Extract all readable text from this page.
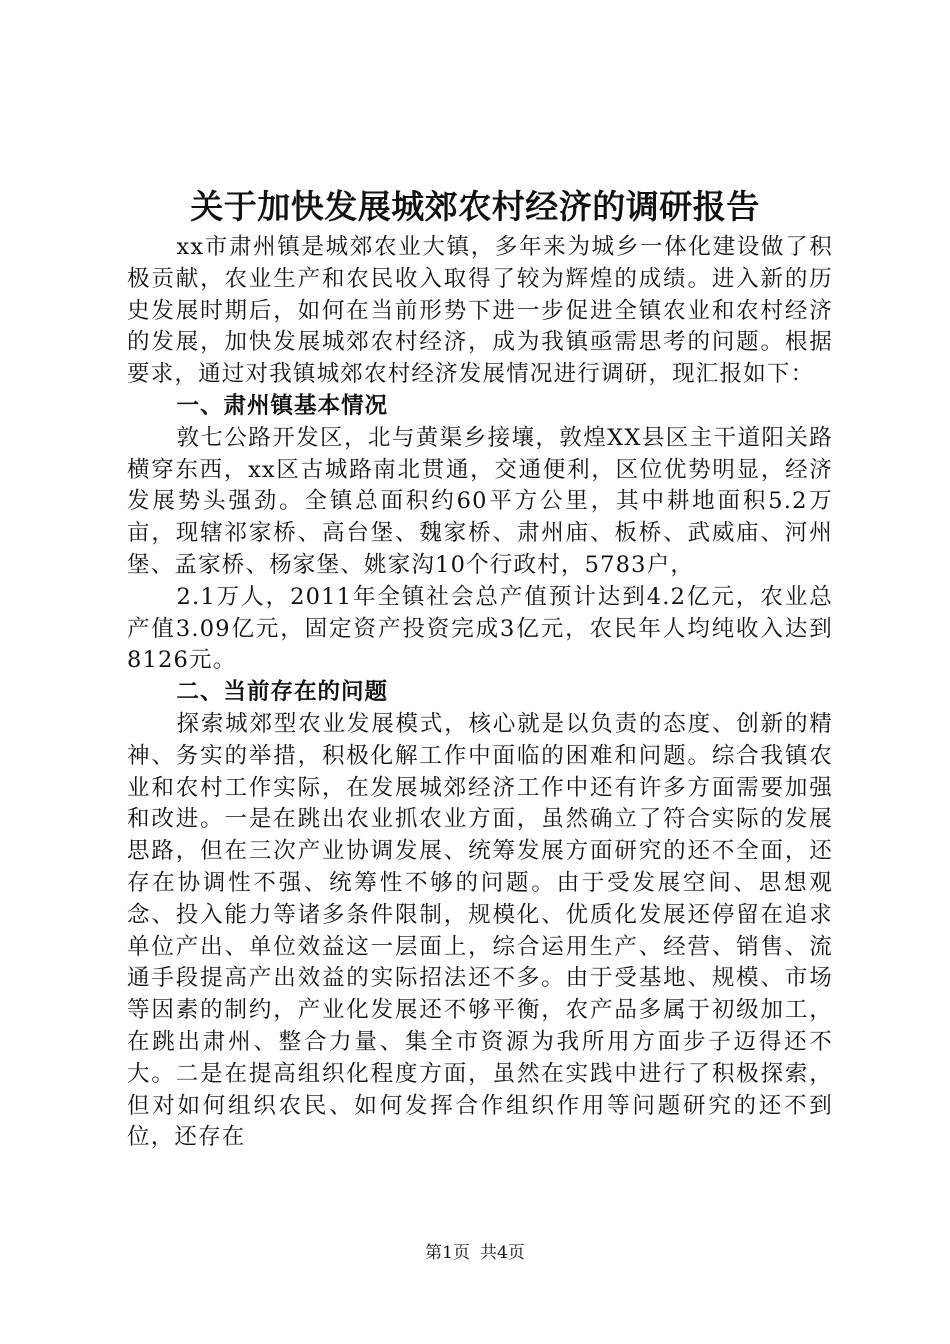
关于加快发展城郊农村经济的调研报告

xx市肃州镇是城郊农业大镇，多年来为城乡一体化建设做了积极贡献，农业生产和农民收入取得了较为辉煌的成绩。进入新的历史发展时期后，如何在当前形势下进一步促进全镇农业和农村经济的发展，加快发展城郊农村经济，成为我镇亟需思考的问题。根据要求，通过对我镇城郊农村经济发展情况进行调研，现汇报如下：

一、肃州镇基本情况

敦七公路开发区，北与黄渠乡接壤，敦煌XX县区主干道阳关路横穿东西，xx区古城路南北贯通，交通便利，区位优势明显，经济发展势头强劲。全镇总面积约60平方公里，其中耕地面积5.2万亩，现辖祁家桥、高台堡、魏家桥、肃州庙、板桥、武威庙、河州堡、孟家桥、杨家堡、姚家沟10个行政村，5783户，

2.1万人，2011年全镇社会总产值预计达到4.2亿元，农业总产值3.09亿元，固定资产投资完成3亿元，农民年人均纯收入达到8126元。

二、当前存在的问题

探索城郊型农业发展模式，核心就是以负责的态度、创新的精神、务实的举措，积极化解工作中面临的困难和问题。综合我镇农业和农村工作实际，在发展城郊经济工作中还有许多方面需要加强和改进。一是在跳出农业抓农业方面，虽然确立了符合实际的发展思路，但在三次产业协调发展、统筹发展方面研究的还不全面，还存在协调性不强、统筹性不够的问题。由于受发展空间、思想观念、投入能力等诸多条件限制，规模化、优质化发展还停留在追求单位产出、单位效益这一层面上，综合运用生产、经营、销售、流通手段提高产出效益的实际招法还不多。由于受基地、规模、市场等因素的制约，产业化发展还不够平衡，农产品多属于初级加工，在跳出肃州、整合力量、集全市资源为我所用方面步子迈得还不大。二是在提高组织化程度方面，虽然在实践中进行了积极探索，但对如何组织农民、如何发挥合作组织作用等问题研究的还不到位，还存在

第1页 共4页
